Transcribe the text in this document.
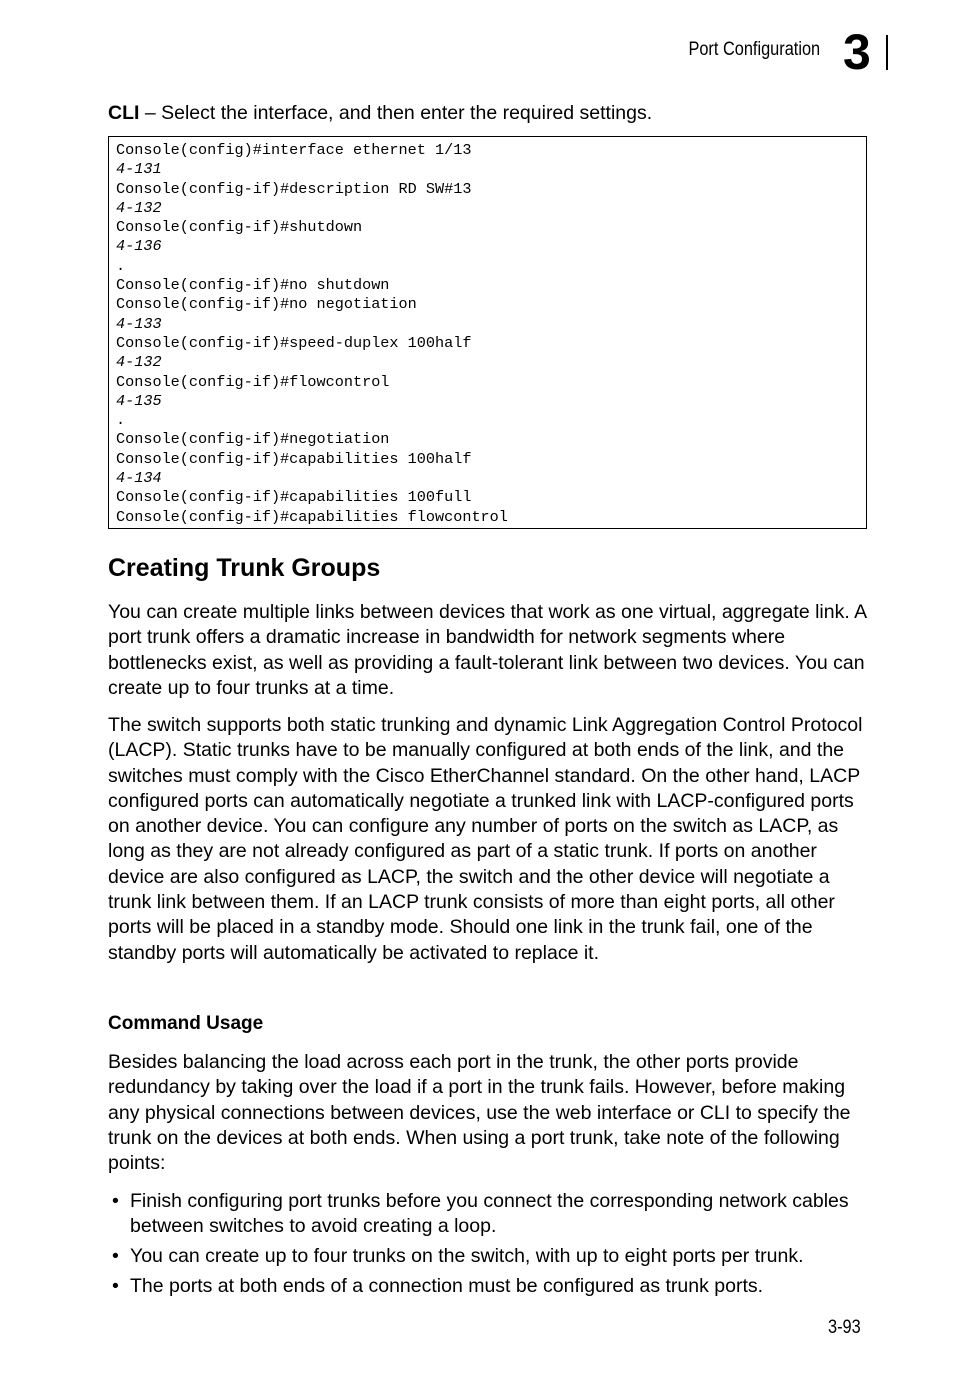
Port Configuration 3
CLI – Select the interface, and then enter the required settings.
Console(config)#interface ethernet 1/13
4-131
Console(config-if)#description RD SW#13
4-132
Console(config-if)#shutdown
4-136
.
Console(config-if)#no shutdown
Console(config-if)#no negotiation
4-133
Console(config-if)#speed-duplex 100half
4-132
Console(config-if)#flowcontrol
4-135
.
Console(config-if)#negotiation
Console(config-if)#capabilities 100half
4-134
Console(config-if)#capabilities 100full
Console(config-if)#capabilities flowcontrol
Creating Trunk Groups
You can create multiple links between devices that work as one virtual, aggregate link. A port trunk offers a dramatic increase in bandwidth for network segments where bottlenecks exist, as well as providing a fault-tolerant link between two devices. You can create up to four trunks at a time.
The switch supports both static trunking and dynamic Link Aggregation Control Protocol (LACP). Static trunks have to be manually configured at both ends of the link, and the switches must comply with the Cisco EtherChannel standard. On the other hand, LACP configured ports can automatically negotiate a trunked link with LACP-configured ports on another device. You can configure any number of ports on the switch as LACP, as long as they are not already configured as part of a static trunk. If ports on another device are also configured as LACP, the switch and the other device will negotiate a trunk link between them. If an LACP trunk consists of more than eight ports, all other ports will be placed in a standby mode. Should one link in the trunk fail, one of the standby ports will automatically be activated to replace it.
Command Usage
Besides balancing the load across each port in the trunk, the other ports provide redundancy by taking over the load if a port in the trunk fails. However, before making any physical connections between devices, use the web interface or CLI to specify the trunk on the devices at both ends. When using a port trunk, take note of the following points:
• Finish configuring port trunks before you connect the corresponding network cables between switches to avoid creating a loop.
• You can create up to four trunks on the switch, with up to eight ports per trunk.
• The ports at both ends of a connection must be configured as trunk ports.
3-93
